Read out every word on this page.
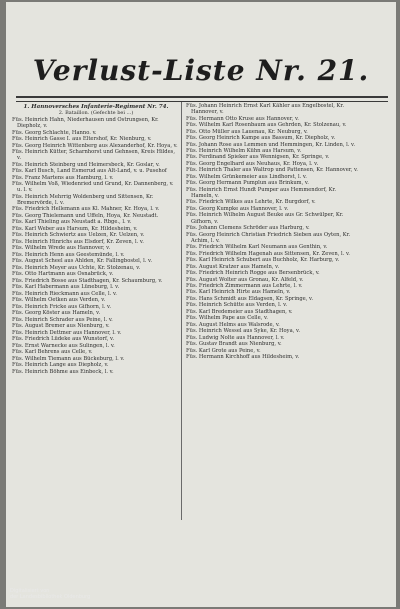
Verlust-Liste Nr. 21.
1. Hannoversches Infanterie-Regiment Nr. 74.
2. Bataillon. (Gefechte bei ...)
Füs. Heinrich Hahn, Niederhausen und Ostrungsen, Kr. Diepholz, v.
Füs. Georg Schlachte, Hanno. v.
Füs. Heinrich Gasse I. aus Eltershof, Kr. Nienburg, v.
Füs. Georg Heinrich Wittenberg aus Alexanderhof, Kr. Hoya, v.
Füs. Heinrich Kütter, Scharnhorst und Gehnsen, Kreis Hildes, v.
Füs. Heinrich Steinberg und Heimersbeck, Kr. Goslar, v.
Füs. Karl Busch, Land Esmerud aus Alt-Land, v. u. Pusehof
Füs. Franz Martens aus Hamburg, l. v.
Füs. Wilhelm Voß, Wiedenried und Grund, Kr. Dannenberg, v. u. l. v.
Füs. Heinrich Mehrrig Woldenberg und Sittensen, Kr. Bremervörde, l. v.
Füs. Friedrich Hellemann aus Kl. Mahner, Kr. Hoya, l. v.
Füs. Georg Thielemann und Uffeln, Hoya, Kr. Neustadt.
Füs. Karl Thieling aus Neustadt a. Rbge., l. v.
Füs. Karl Weber aus Harsum, Kr. Hildesheim, v.
Füs. Heinrich Schwiertz aus Uelzen, Kr. Uelzen, v.
Füs. Heinrich Hinrichs aus Elsdorf, Kr. Zeven, l. v.
Füs. Wilhelm Wrede aus Hannover, v.
Füs. Heinrich Henn aus Geestemünde, l. v.
Füs. August Scheel aus Ahlden, Kr. Fallingbostel, l. v.
Füs. Heinrich Meyer aus Uchte, Kr. Stolzenau, v.
Füs. Otto Hartmann aus Osnabrück, v.
Füs. Friedrich Bosse aus Stadthagen, Kr. Schaumburg, v.
Füs. Karl Habermann aus Lüneburg, l. v.
Füs. Heinrich Rieckmann aus Celle, l. v.
Füs. Wilhelm Oetken aus Verden, v.
Füs. Heinrich Fricke aus Gifhorn, l. v.
Füs. Georg Köster aus Hameln, v.
Füs. Heinrich Schrader aus Peine, l. v.
Füs. August Bremer aus Nienburg, v.
Füs. Heinrich Dettmer aus Hannover, l. v.
Füs. Friedrich Lüdeke aus Wunstorf, v.
Füs. Ernst Warnecke aus Sulingen, l. v.
Füs. Karl Behrens aus Celle, v.
Füs. Wilhelm Tiemann aus Bückeburg, l. v.
Füs. Heinrich Lange aus Diepholz, v.
Füs. Heinrich Böhme aus Einbeck, l. v.
Füs. Johann Heinrich Ernst Karl Kähler aus Engelbostel, Kr. Hannover, v.
Füs. Hermann Otto Kruse aus Hannover, v.
Füs. Wilhelm Karl Rosenbaum aus Gehrden, Kr. Stolzenau, v.
Füs. Otto Müller aus Lauenau, Kr. Neuburg, v.
Füs. Georg Heinrich Kampe aus Bassum, Kr. Diepholz, v.
Füs. Johann Rose aus Lemmen und Hemmingen, Kr. Linden, l. v.
Füs. Heinrich Wilhelm Kühn aus Harsum, v.
Füs. Ferdinand Spieker aus Wennigsen, Kr. Springe, v.
Füs. Georg Engelhard aus Neuhaus, Kr. Hoya, l. v.
Füs. Heinrich Thaler aus Waltrop und Pattensen, Kr. Hannover, v.
Füs. Wilhelm Grünkemeier aus Lindhorst, l. v.
Füs. Georg Hermann Pumplun aus Brinkum, v.
Füs. Heinrich Ernst Hundt Pumper aus Hemmendorf, Kr. Hameln, v.
Füs. Friedrich Wilkes aus Lehrte, Kr. Burgdorf, v.
Füs. Georg Kumpke aus Hannover, l. v.
Füs. Heinrich Wilhelm August Beuke aus Gr. Schwülper, Kr. Gifhorn, v.
Füs. Johann Clemens Schröder aus Harburg, v.
Füs. Georg Heinrich Christian Friedrich Sieben aus Oyten, Kr. Achim, l. v.
Füs. Friedrich Wilhelm Karl Neumann aus Genthin, v.
Füs. Friedrich Wilhelm Hagenah aus Sittensen, Kr. Zeven, l. v.
Füs. Karl Heinrich Schubert aus Buchholz, Kr. Harburg, v.
Füs. August Kratzer aus Hameln, v.
Füs. Friedrich Heinrich Rogge aus Bersenbrück, v.
Füs. August Wolter aus Gronau, Kr. Alfeld, v.
Füs. Friedrich Zimmermann aus Lehrte, l. v.
Füs. Karl Heinrich Hirte aus Hameln, v.
Füs. Hans Schmidt aus Eldagsen, Kr. Springe, v.
Füs. Heinrich Schütte aus Verden, l. v.
Füs. Karl Bredemeier aus Stadthagen, v.
Füs. Wilhelm Pape aus Celle, v.
Füs. August Helms aus Walsrode, v.
Füs. Heinrich Wessel aus Syke, Kr. Hoya, v.
Füs. Ludwig Nolte aus Hannover, l. v.
Füs. Gustav Brandt aus Nienburg, v.
Füs. Karl Grote aus Peine, v.
Füs. Hermann Kirchhoff aus Hildesheim, v.
Digitalisiert von
der Landesbibliothek Oldenburg
